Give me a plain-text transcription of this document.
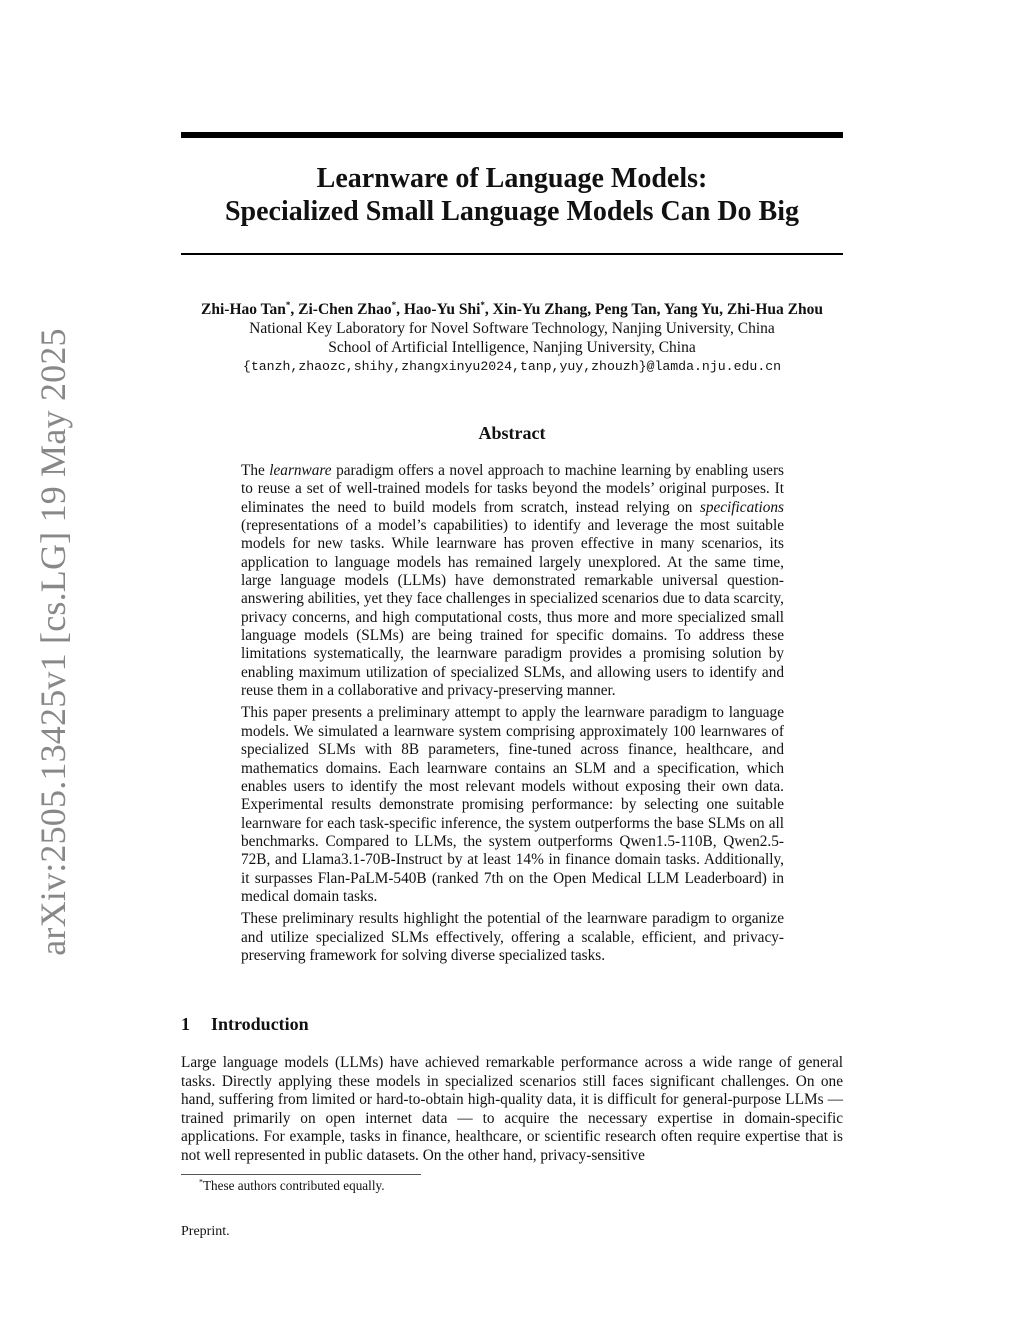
arXiv:2505.13425v1 [cs.LG] 19 May 2025
Learnware of Language Models:
Specialized Small Language Models Can Do Big
Zhi-Hao Tan*, Zi-Chen Zhao*, Hao-Yu Shi*, Xin-Yu Zhang, Peng Tan, Yang Yu, Zhi-Hua Zhou
National Key Laboratory for Novel Software Technology, Nanjing University, China
School of Artificial Intelligence, Nanjing University, China
{tanzh,zhaozc,shihy,zhangxinyu2024,tanp,yuy,zhouzh}@lamda.nju.edu.cn
Abstract

The learnware paradigm offers a novel approach to machine learning by enabling users to reuse a set of well-trained models for tasks beyond the models’ original purposes. It eliminates the need to build models from scratch, instead relying on specifications (representations of a model’s capabilities) to identify and leverage the most suitable models for new tasks. While learnware has proven effective in many scenarios, its application to language models has remained largely unexplored. At the same time, large language models (LLMs) have demonstrated remarkable universal question-answering abilities, yet they face challenges in specialized scenarios due to data scarcity, privacy concerns, and high computational costs, thus more and more specialized small language models (SLMs) are being trained for specific domains. To address these limitations systematically, the learnware paradigm provides a promising solution by enabling maximum utilization of specialized SLMs, and allowing users to identify and reuse them in a collaborative and privacy-preserving manner.

This paper presents a preliminary attempt to apply the learnware paradigm to language models. We simulated a learnware system comprising approximately 100 learnwares of specialized SLMs with 8B parameters, fine-tuned across finance, healthcare, and mathematics domains. Each learnware contains an SLM and a specification, which enables users to identify the most relevant models without exposing their own data. Experimental results demonstrate promising performance: by selecting one suitable learnware for each task-specific inference, the system outperforms the base SLMs on all benchmarks. Compared to LLMs, the system outperforms Qwen1.5-110B, Qwen2.5-72B, and Llama3.1-70B-Instruct by at least 14% in finance domain tasks. Additionally, it surpasses Flan-PaLM-540B (ranked 7th on the Open Medical LLM Leaderboard) in medical domain tasks.

These preliminary results highlight the potential of the learnware paradigm to organize and utilize specialized SLMs effectively, offering a scalable, efficient, and privacy-preserving framework for solving diverse specialized tasks.

1 Introduction

Large language models (LLMs) have achieved remarkable performance across a wide range of general tasks. Directly applying these models in specialized scenarios still faces significant challenges. On one hand, suffering from limited or hard-to-obtain high-quality data, it is difficult for general-purpose LLMs — trained primarily on open internet data — to acquire the necessary expertise in domain-specific applications. For example, tasks in finance, healthcare, or scientific research often require expertise that is not well represented in public datasets. On the other hand, privacy-sensitive

*These authors contributed equally.
Preprint.
